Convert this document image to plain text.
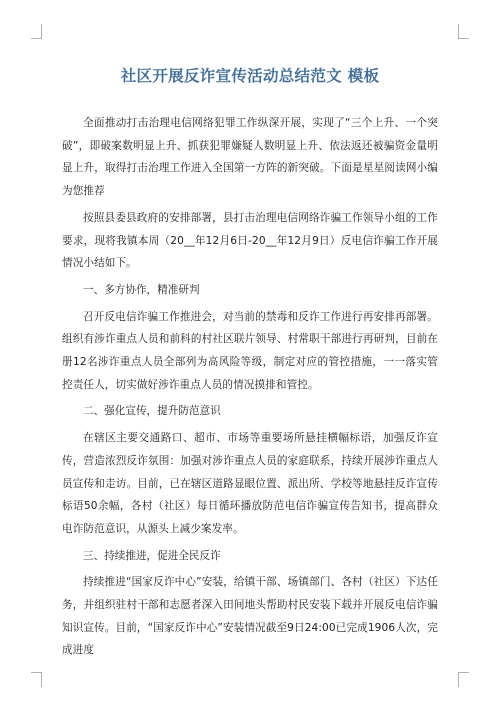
社区开展反诈宣传活动总结范文 模板

全面推动打击治理电信网络犯罪工作纵深开展，实现了“三个上升、一个突破”，即破案数明显上升、抓获犯罪嫌疑人数明显上升、依法返还被骗资金量明显上升，取得打击治理工作进入全国第一方阵的新突破。下面是星星阅读网小编为您推荐

按照县委县政府的安排部署，县打击治理电信网络诈骗工作领导小组的工作要求，现将我镇本周（20__年12月6日-20__年12月9日）反电信诈骗工作开展情况小结如下。

一、多方协作，精准研判

召开反电信诈骗工作推进会，对当前的禁毒和反诈工作进行再安排再部署。组织有涉诈重点人员和前科的村社区联片领导、村常职干部进行再研判，目前在册12名涉诈重点人员全部列为高风险等级，制定对应的管控措施，一一落实管控责任人，切实做好涉诈重点人员的情况摸排和管控。

二、强化宣传，提升防范意识

在辖区主要交通路口、超市、市场等重要场所悬挂横幅标语，加强反诈宣传，营造浓烈反诈氛围：加强对涉诈重点人员的家庭联系，持续开展涉诈重点人员宣传和走访。目前，已在辖区道路显眼位置、派出所、学校等地悬挂反诈宣传标语50余幅，各村（社区）每日循环播放防范电信诈骗宣传告知书，提高群众电诈防范意识，从源头上减少案发率。

三、持续推进，促进全民反诈

持续推进“国家反诈中心”安装，给镇干部、场镇部门、各村（社区）下达任务，并组织驻村干部和志愿者深入田间地头帮助村民安装下载并开展反电信诈骗知识宣传。目前，“国家反诈中心”安装情况截至9日24:00已完成1906人次，完成进度
